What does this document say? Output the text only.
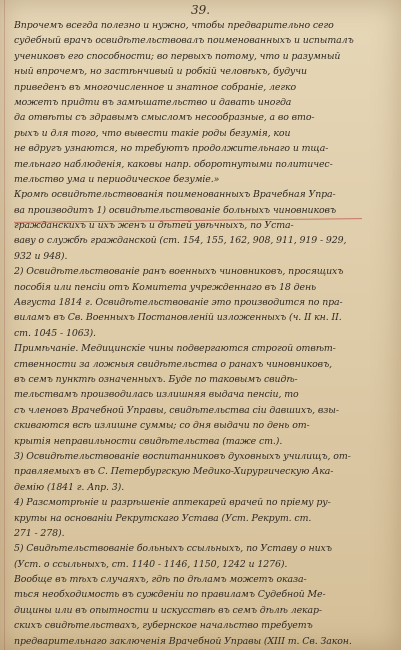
39.
Впрочемъ всегда полезно и нужно, чтобы предварительно сего
судебный врачъ освидѣтельствовалъ поименованныхъ и испыталъ
учениковъ его способности; во первыхъ потому, что и разумный
ный впрочемъ, но застѣнчивый и робкій человѣкъ, будучи
приведенъ въ многочисленное и знатное собраніе, легко
можетъ придти въ замѣшательство и давать иногда
да отвѣты съ здравымъ смысломъ несообразные, а во вто-
рыхъ и для того, что вывести такіе роды безумія, кои
не вдругъ узнаются, но требуютъ продолжительнаго и тща-
тельнаго наблюденія, каковы напр. оборотнутыми политичес-
тельство ума и периодическое безуміе.»
Кромѣ освидѣтельствованія поименованныхъ Врачебная Упра-
ва производитъ 1) освидѣтельствованіе больныхъ чиновниковъ
гражданскихъ и ихъ женъ и дѣтей увѣчныхъ, по Уста-
ваву о службѣ гражданской (ст. 154, 155, 162, 908, 911, 919 - 929,
932 и 948).
2) Освидѣтельствованіе ранъ военныхъ чиновниковъ, просящихъ
пособія или пенсіи отъ Комитета учрежденнаго въ 18 день
Августа 1814 г. Освидѣтельствованіе это производится по пра-
виламъ въ Св. Военныхъ Постановленій изложенныхъ (ч. II кн. II.
ст. 1045 - 1063).
Примѣчаніе. Медицинскіе чины подвергаются строгой отвѣт-
ственности за ложныя свидѣтельства о ранахъ чиновниковъ,
въ семъ пунктѣ означенныхъ. Буде по таковымъ свидѣ-
тельствамъ производилась излишняя выдача пенсіи, то
съ членовъ Врачебной Управы, свидѣтельства сіи давшихъ, взы-
скиваются всѣ излишне суммы; со дня выдачи по день от-
крытія неправильности свидѣтельства (таже ст.).
3) Освидѣтельствованіе воспитанниковъ духовныхъ училищъ, от-
правляемыхъ въ С. Петербургскую Медико-Хирургическую Ака-
демію (1841 г. Апр. 3).
4) Разсмотрѣніе и разрѣшеніе аптекарей врачей по пріему ру-
круты на основаніи Рекрутскаго Устава (Уст. Рекрут. ст.
271 - 278).
5) Свидѣтельствованіе больныхъ ссыльныхъ, по Уставу о нихъ
(Уст. о ссыльныхъ, ст. 1140 - 1146, 1150, 1242 и 1276).
Вообще въ тѣхъ случаяхъ, гдѣ по дѣламъ можетъ оказа-
ться необходимость въ сужденіи по правиламъ Судебной Ме-
дицины или въ опытности и искусствѣ въ семъ дѣлѣ лекар-
скихъ свидѣтельствахъ, губернское начальство требуетъ
предварительнаго заключенія Врачебной Управы (XIII т. Св. Закон.
